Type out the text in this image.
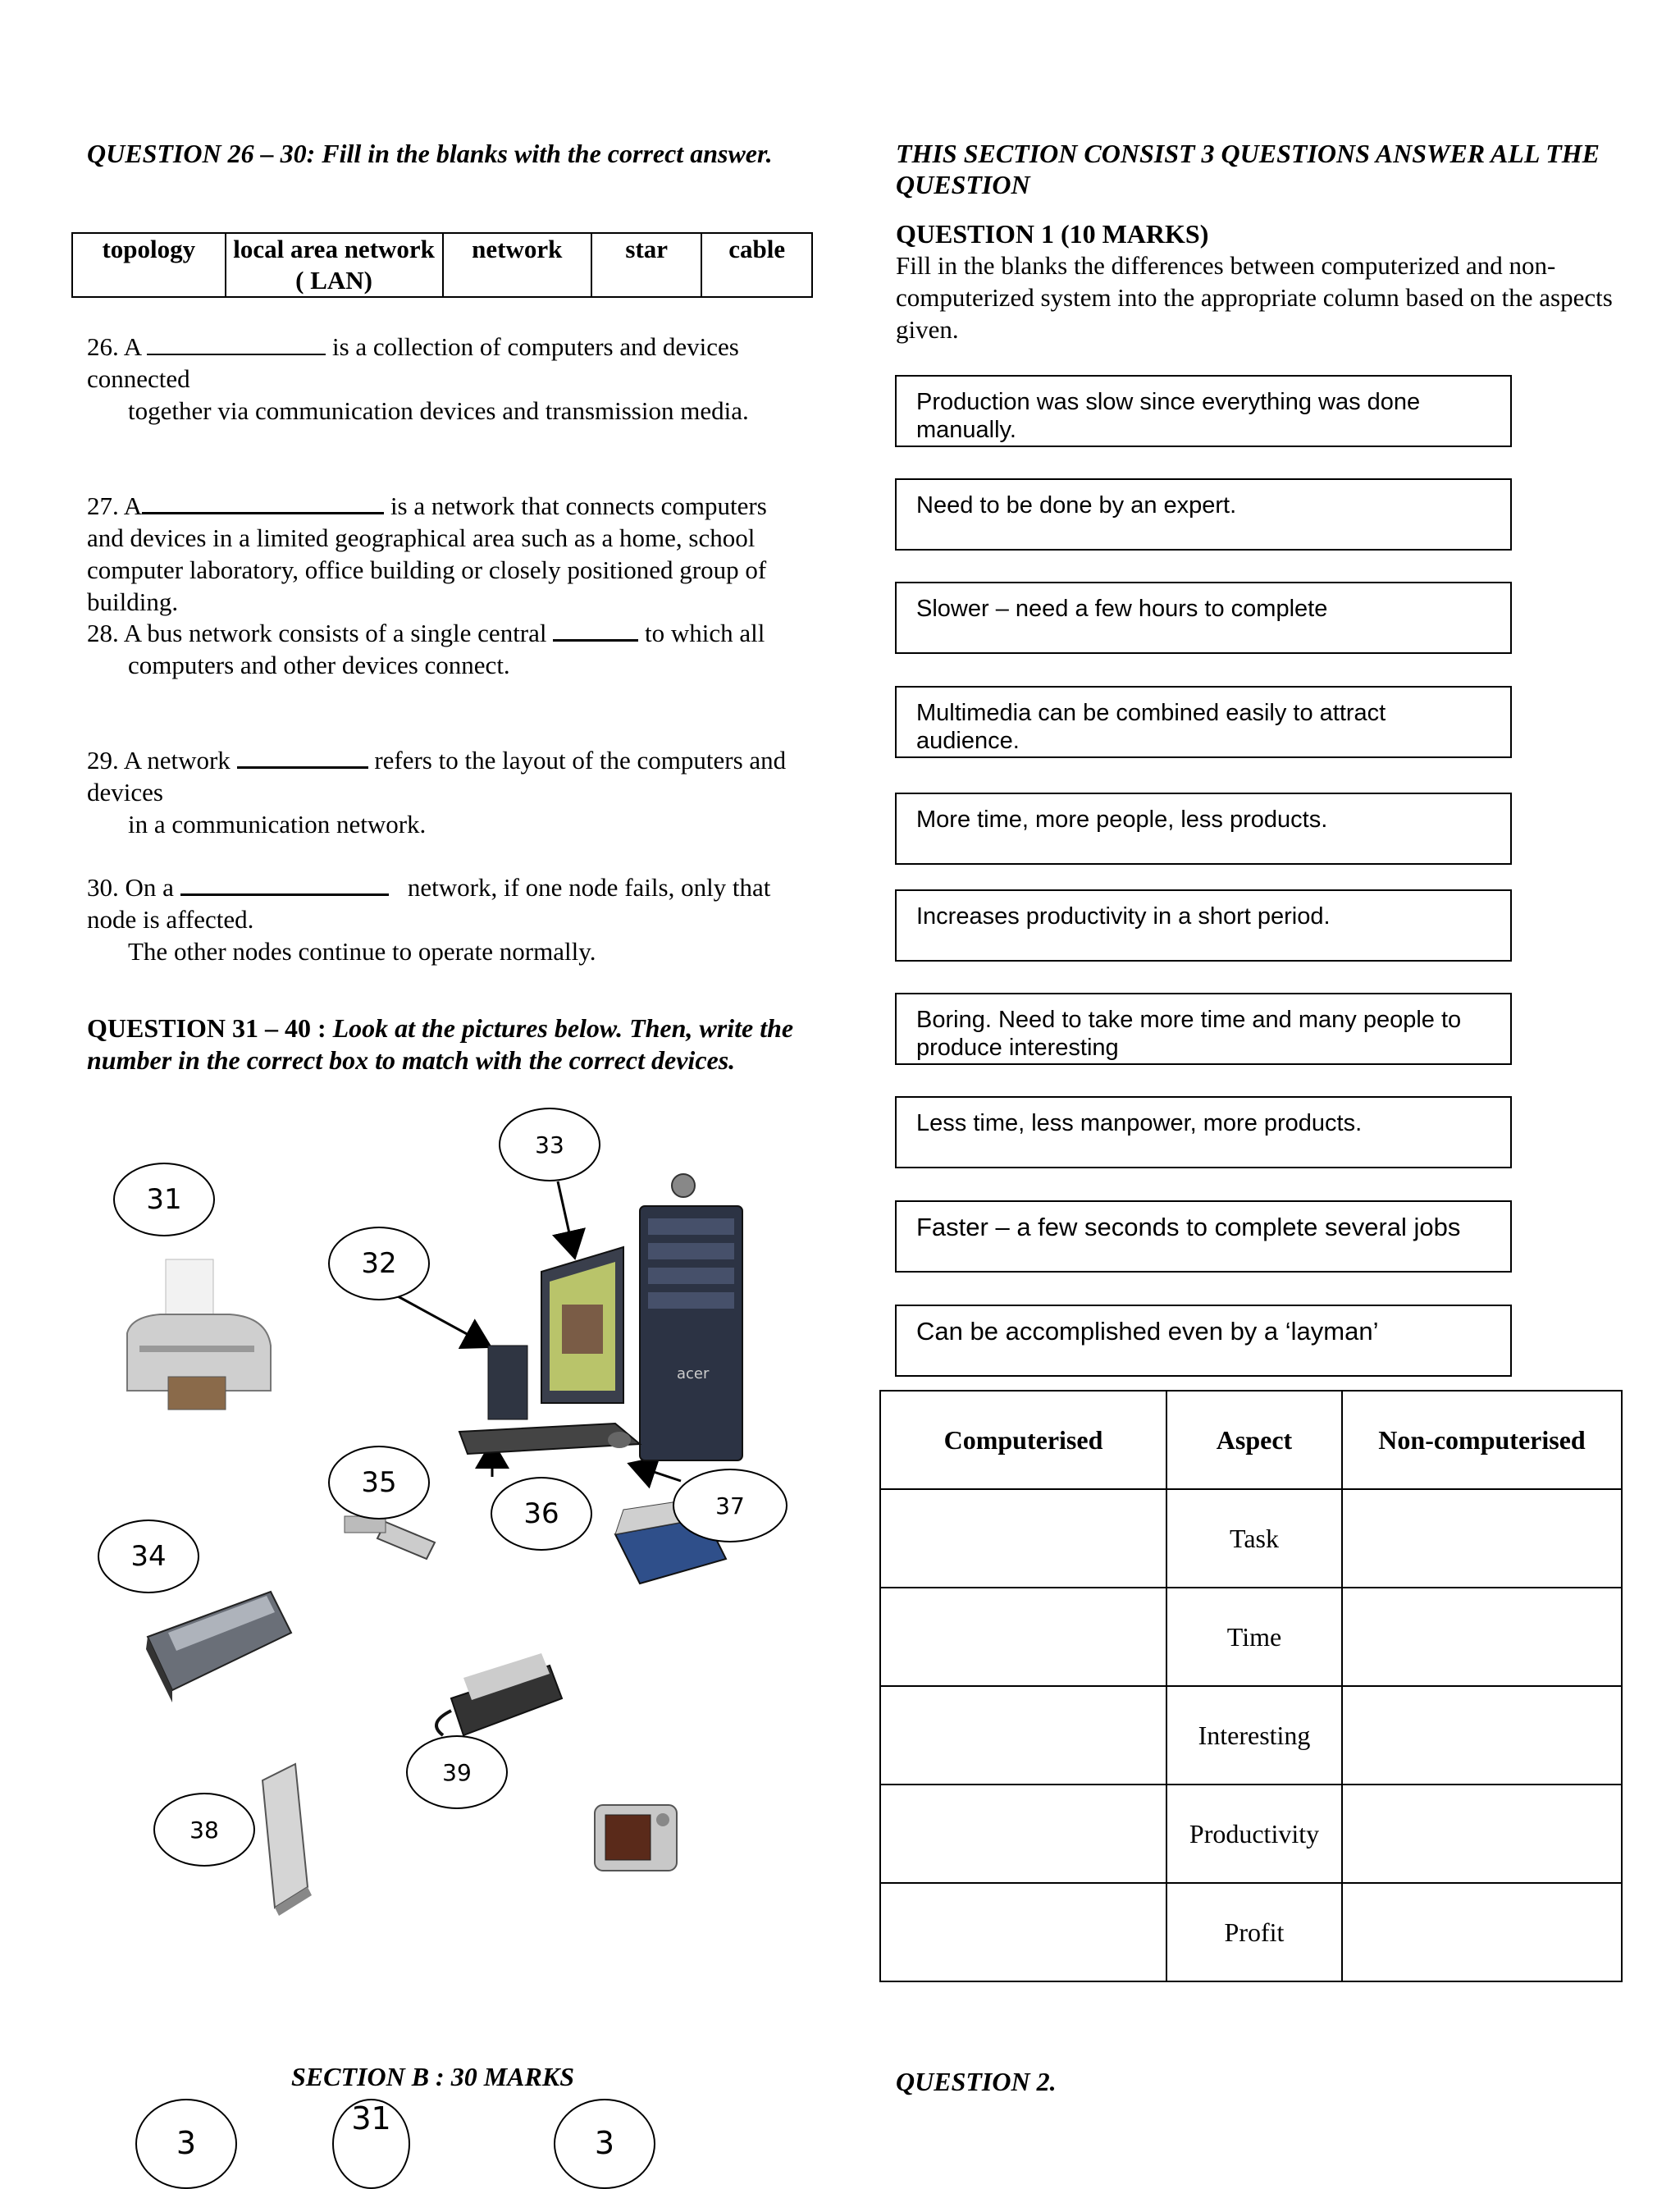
QUESTION 26 – 30: Fill in the blanks with the correct answer.
topology	local area network ( LAN)	network	star	cable
26. A	is a collection of computers and devices connected
together via communication devices and transmission media.
27. A	is a network that connects computers and devices in a limited geographical area such as a home, school computer laboratory, office building or closely positioned group of building.
28. A bus network consists of a single central	to which all
computers and other devices connect.
29. A network	refers to the layout of the computers and devices
in a communication network.
30. On a	network, if one node fails, only that node is affected.
The other nodes continue to operate normally.
QUESTION 31 – 40 : Look at the pictures below. Then, write the number in the correct box to match with the correct devices.
acer
31
32
33
34
35
36	37
38
39
SECTION B : 30 MARKS
3
31
3
THIS SECTION CONSIST 3 QUESTIONS ANSWER ALL THE QUESTION
QUESTION 1 (10 MARKS)
Fill in the blanks the differences between computerized and non-computerized system into the appropriate column based on the aspects given.
Production was slow since everything was done manually.
Need to be done by an expert.
Slower – need a few hours to complete
Multimedia can be combined easily to attract audience.
More time, more people, less products.
Increases productivity in a short period.
Boring. Need to take more time and many people to produce interesting
Less time, less manpower, more products.
Faster – a few seconds to complete several jobs
Can be accomplished even by a ‘layman’
Computerised	Aspect	Non-computerised
	Task	
	Time	
	Interesting	
	Productivity	
	Profit	
QUESTION 2.
